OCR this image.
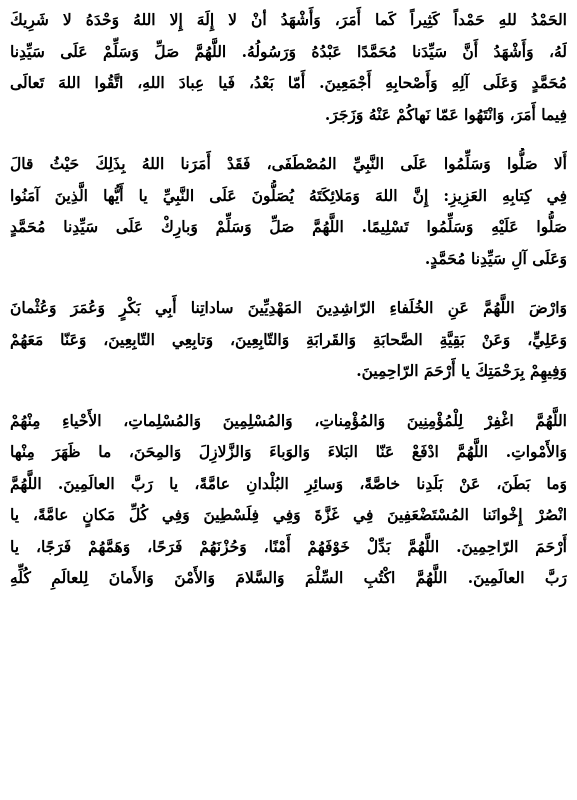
الحَمْدُ للهِ حَمْداً كَثِيراً كَما أَمَرَ، وَأَشْهَدُ أنْ لا إِلَهَ إِلا اللهُ وَحْدَهُ لا شَرِيكَ
لَهُ، وَأَشْهَدُ أَنَّ سَيِّدَنا مُحَمَّدًا عَبْدُهُ وَرَسُولُهُ. اللَّهُمَّ صَلِّ وَسَلِّمْ عَلَى سَيِّدِنا
مُحَمَّدٍ وَعَلَى آلِهِ وَأَصْحابِهِ أَجْمَعِينَ. أَمّا بَعْدُ، فَيا عِبادَ اللهِ، اتَّقُوا اللهَ تَعالَى
فِيما أَمَرَ، وَانْتَهُوا عَمّا نَهاكُمْ عَنْهُ وَزَجَرَ.
أَلا صَلُّوا وَسَلِّمُوا عَلَى النَّبِيِّ المُصْطَفَى، فَقَدْ أَمَرَنا اللهُ بِذَلِكَ حَيْثُ قالَ
فِي كِتابِهِ العَزِيزِ: إِنَّ اللهَ وَمَلائِكَتَهُ يُصَلُّونَ عَلَى النَّبِيِّ يا أَيُّها الَّذِينَ آمَنُوا
صَلُّوا عَلَيْهِ وَسَلِّمُوا تَسْلِيمًا. اللَّهُمَّ صَلِّ وَسَلِّمْ وَبارِكْ عَلَى سَيِّدِنا مُحَمَّدٍ
وَعَلَى آلِ سَيِّدِنا مُحَمَّدٍ.
وَارْضَ اللَّهُمَّ عَنِ الخُلَفاءِ الرّاشِدِينَ المَهْدِيِّينَ ساداتِنا أَبِي بَكْرٍ وَعُمَرَ وَعُثْمانَ
وَعَلِيٍّ، وَعَنْ بَقِيَّةِ الصَّحابَةِ وَالقَرابَةِ وَالتّابِعِينَ، وَتابِعِي التّابِعِينَ، وَعَنّا مَعَهُمْ
وَفِيهِمْ بِرَحْمَتِكَ يا أَرْحَمَ الرّاحِمِينَ.
اللَّهُمَّ اغْفِرْ لِلْمُؤْمِنِينَ وَالمُؤْمِناتِ، وَالمُسْلِمِينَ وَالمُسْلِماتِ، الأَحْياءِ مِنْهُمْ
وَالأَمْواتِ. اللَّهُمَّ ادْفَعْ عَنّا البَلاءَ وَالوَباءَ وَالزَّلازِلَ وَالمِحَنَ، ما ظَهَرَ مِنْها
وَما بَطَنَ، عَنْ بَلَدِنا خاصَّةً، وَسائِرِ البُلْدانِ عامَّةً، يا رَبَّ العالَمِينَ. اللَّهُمَّ
انْصُرْ إِخْوانَنا المُسْتَضْعَفِينَ فِي غَزَّةَ وَفِي فِلَسْطِينَ وَفِي كُلِّ مَكانٍ عامَّةً، يا
أَرْحَمَ الرّاحِمِينَ. اللَّهُمَّ بَدِّلْ خَوْفَهُمْ أَمْنًا، وَحُزْنَهُمْ فَرَحًا، وَهَمَّهُمْ فَرَجًا، يا
رَبَّ العالَمِينَ. اللَّهُمَّ اكْتُبِ السِّلْمَ وَالسَّلامَ وَالأَمْنَ وَالأَمانَ لِلعالَمِ كُلِّهِ
